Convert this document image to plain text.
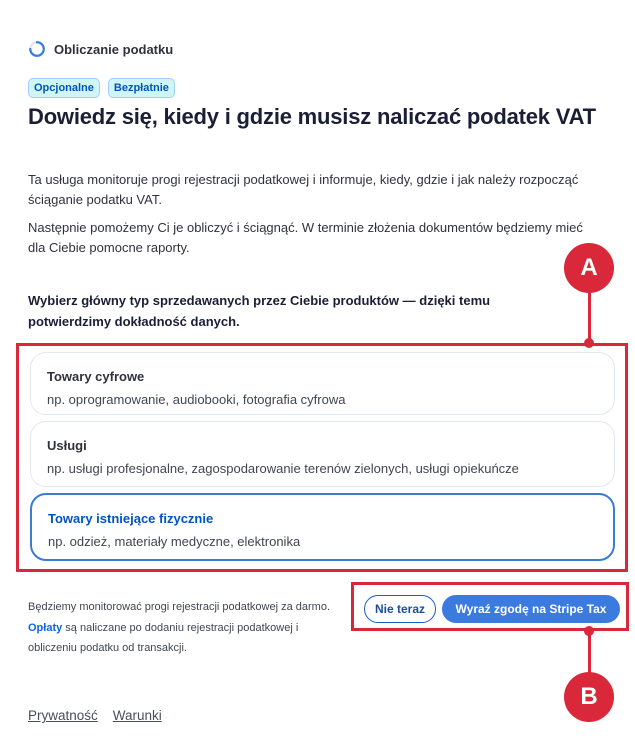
Obliczanie podatku
Opcjonalne	Bezpłatnie
Dowiedz się, kiedy i gdzie musisz naliczać podatek VAT

Ta usługa monitoruje progi rejestracji podatkowej i informuje, kiedy, gdzie i jak należy rozpocząć ściąganie podatku VAT.

Następnie pomożemy Ci je obliczyć i ściągnąć. W terminie złożenia dokumentów będziemy mieć dla Ciebie pomocne raporty.

Wybierz główny typ sprzedawanych przez Ciebie produktów — dzięki temu potwierdzimy dokładność danych.

Towary cyfrowe
np. oprogramowanie, audiobooki, fotografia cyfrowa
Usługi
np. usługi profesjonalne, zagospodarowanie terenów zielonych, usługi opiekuńcze
Towary istniejące fizycznie
np. odzież, materiały medyczne, elektronika
Będziemy monitorować progi rejestracji podatkowej za darmo.
Opłaty są naliczane po dodaniu rejestracji podatkowej i obliczeniu podatku od transakcji.
Nie teraz	Wyraź zgodę na Stripe Tax
A
B
Prywatność Warunki
